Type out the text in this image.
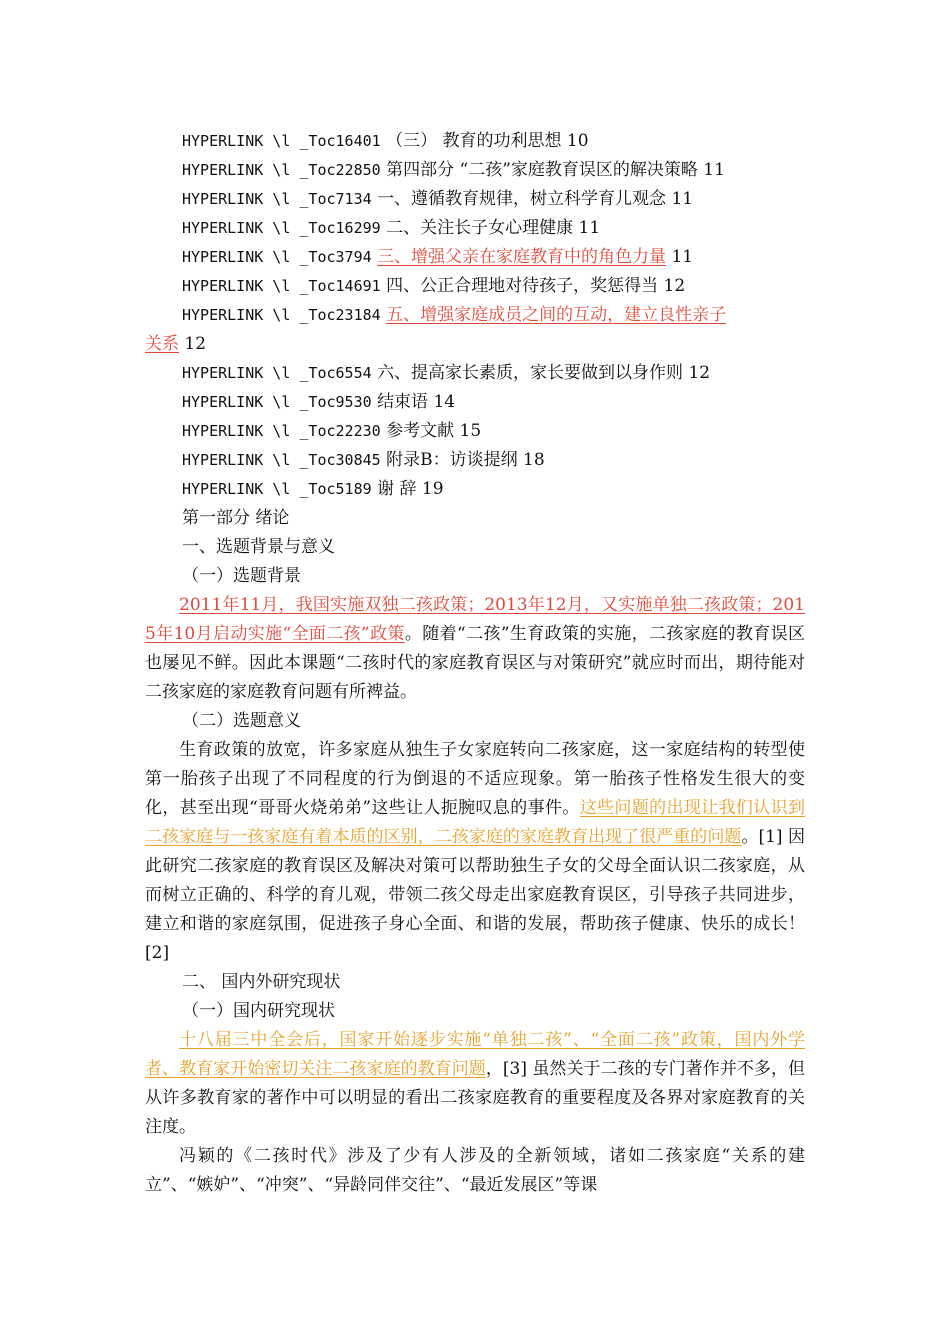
HYPERLINK \l _Toc16401 （三） 教育的功利思想 10
HYPERLINK \l _Toc22850 第四部分 “二孩”家庭教育误区的解决策略 11
HYPERLINK \l _Toc7134 一、遵循教育规律，树立科学育儿观念 11
HYPERLINK \l _Toc16299 二、关注长子女心理健康 11
HYPERLINK \l _Toc3794 三、增强父亲在家庭教育中的角色力量 11
HYPERLINK \l _Toc14691 四、公正合理地对待孩子，奖惩得当 12
HYPERLINK \l _Toc23184 五、增强家庭成员之间的互动，建立良性亲子
关系 12
HYPERLINK \l _Toc6554 六、提高家长素质，家长要做到以身作则 12
HYPERLINK \l _Toc9530 结束语 14
HYPERLINK \l _Toc22230 参考文献 15
HYPERLINK \l _Toc30845 附录B：访谈提纲 18
HYPERLINK \l _Toc5189 谢 辞 19
第一部分 绪论
一、选题背景与意义
（一）选题背景
2011年11月，我国实施双独二孩政策；2013年12月，又实施单独二孩政策；2015年10月启动实施“全面二孩”政策。随着“二孩”生育政策的实施，二孩家庭的教育误区也屡见不鲜。因此本课题“二孩时代的家庭教育误区与对策研究”就应时而出，期待能对二孩家庭的家庭教育问题有所裨益。
（二）选题意义
生育政策的放宽，许多家庭从独生子女家庭转向二孩家庭，这一家庭结构的转型使第一胎孩子出现了不同程度的行为倒退的不适应现象。第一胎孩子性格发生很大的变化，甚至出现“哥哥火烧弟弟”这些让人扼腕叹息的事件。这些问题的出现让我们认识到二孩家庭与一孩家庭有着本质的区别，二孩家庭的家庭教育出现了很严重的问题。[1] 因此研究二孩家庭的教育误区及解决对策可以帮助独生子女的父母全面认识二孩家庭，从而树立正确的、科学的育儿观，带领二孩父母走出家庭教育误区，引导孩子共同进步，建立和谐的家庭氛围，促进孩子身心全面、和谐的发展，帮助孩子健康、快乐的成长！[2]
二、 国内外研究现状
（一）国内研究现状
十八届三中全会后，国家开始逐步实施“单独二孩”、“全面二孩”政策，国内外学者、教育家开始密切关注二孩家庭的教育问题，[3] 虽然关于二孩的专门著作并不多，但从许多教育家的著作中可以明显的看出二孩家庭教育的重要程度及各界对家庭教育的关注度。
冯颖的《二孩时代》涉及了少有人涉及的全新领域，诸如二孩家庭“关系的建立”、“嫉妒”、“冲突”、“异龄同伴交往”、“最近发展区”等课
